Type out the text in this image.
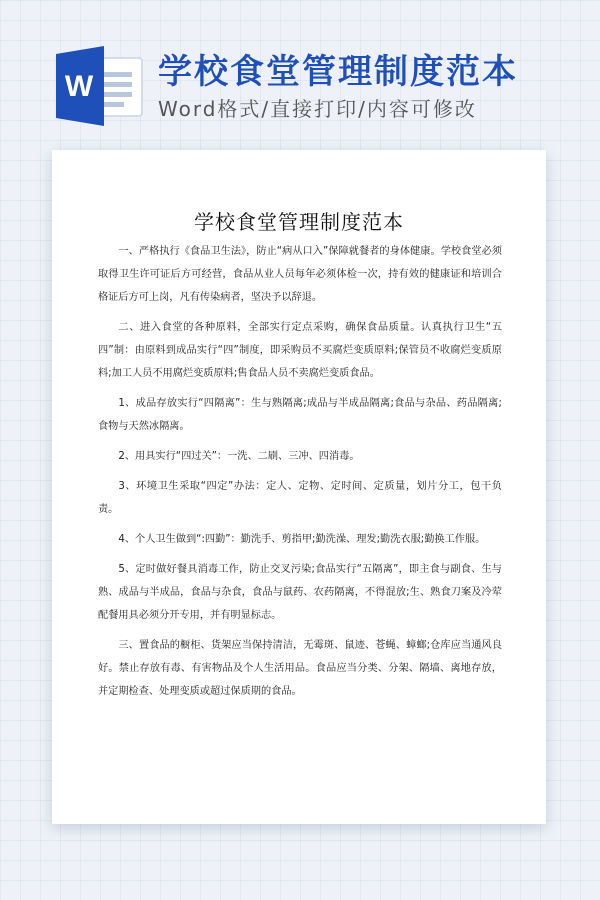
W 学校食堂管理制度范本
Word格式/直接打印/内容可修改
学校食堂管理制度范本

一、严格执行《食品卫生法》，防止“病从口入”保障就餐者的身体健康。学校食堂必须取得卫生许可证后方可经营，食品从业人员每年必须体检一次，持有效的健康证和培训合格证后方可上岗，凡有传染病者，坚决予以辞退。

二、进入食堂的各种原料，全部实行定点采购，确保食品质量。认真执行卫生“五四”制：由原料到成品实行“四”制度，即采购员不买腐烂变质原料;保管员不收腐烂变质原料;加工人员不用腐烂变质原料;售食品人员不卖腐烂变质食品。

1、成品存放实行“四隔离”：生与熟隔离;成品与半成品隔离;食品与杂品、药品隔离;食物与天然冰隔离。

2、用具实行“四过关”：一洗、二刷、三冲、四消毒。

3、环境卫生采取“四定”办法：定人、定物、定时间、定质量，划片分工，包干负责。

4、个人卫生做到“:四勤”：勤洗手、剪指甲;勤洗澡、理发;勤洗衣服;勤换工作服。

5、定时做好餐具消毒工作，防止交叉污染;食品实行“五隔离”，即主食与副食、生与熟、成品与半成品，食品与杂食，食品与鼠药、农药隔离，不得混放;生、熟食刀案及冷荤配餐用具必须分开专用，并有明显标志。

三、置食品的橱柜、货架应当保持清洁，无霉斑、鼠迹、苍蝇、蟑螂;仓库应当通风良好。禁止存放有毒、有害物品及个人生活用品。食品应当分类、分架、隔墙、离地存放，并定期检查、处理变质或超过保质期的食品。
